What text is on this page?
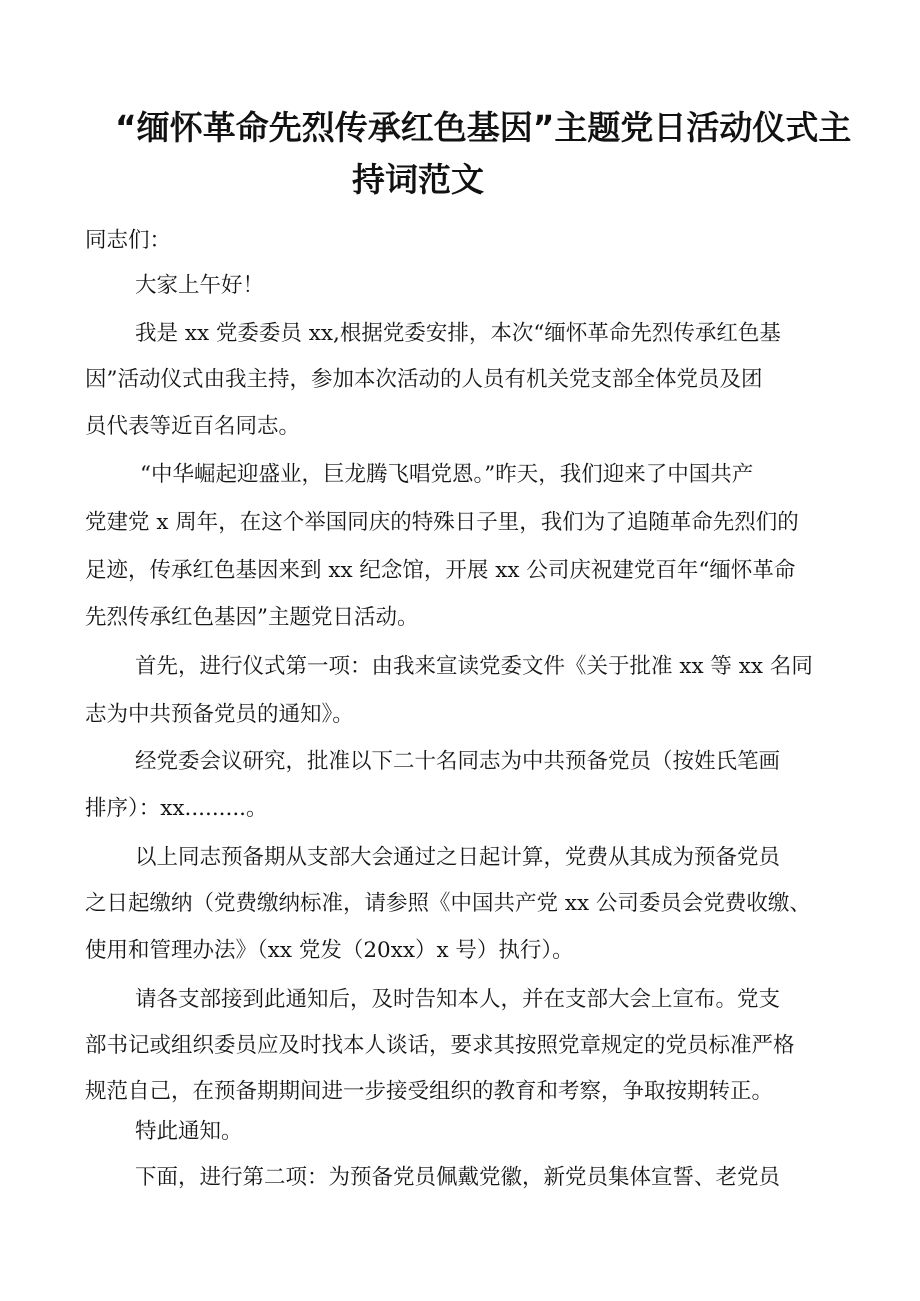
“缅怀革命先烈传承红色基因”主题党日活动仪式主
持词范文
同志们：
大家上午好！
我是 xx 党委委员 xx,根据党委安排，本次“缅怀革命先烈传承红色基
因”活动仪式由我主持，参加本次活动的人员有机关党支部全体党员及团
员代表等近百名同志。
“中华崛起迎盛业，巨龙腾飞唱党恩。”昨天，我们迎来了中国共产
党建党 x 周年，在这个举国同庆的特殊日子里，我们为了追随革命先烈们的
足迹，传承红色基因来到 xx 纪念馆，开展 xx 公司庆祝建党百年“缅怀革命
先烈传承红色基因”主题党日活动。
首先，进行仪式第一项：由我来宣读党委文件《关于批准 xx 等 xx 名同
志为中共预备党员的通知》。
经党委会议研究，批准以下二十名同志为中共预备党员（按姓氏笔画
排序）：xx.........。
以上同志预备期从支部大会通过之日起计算，党费从其成为预备党员
之日起缴纳（党费缴纳标准，请参照《中国共产党 xx 公司委员会党费收缴、
使用和管理办法》（xx 党发（20xx）x 号）执行）。
请各支部接到此通知后，及时告知本人，并在支部大会上宣布。党支
部书记或组织委员应及时找本人谈话，要求其按照党章规定的党员标准严格
规范自己，在预备期期间进一步接受组织的教育和考察，争取按期转正。
特此通知。
下面，进行第二项：为预备党员佩戴党徽，新党员集体宣誓、老党员
